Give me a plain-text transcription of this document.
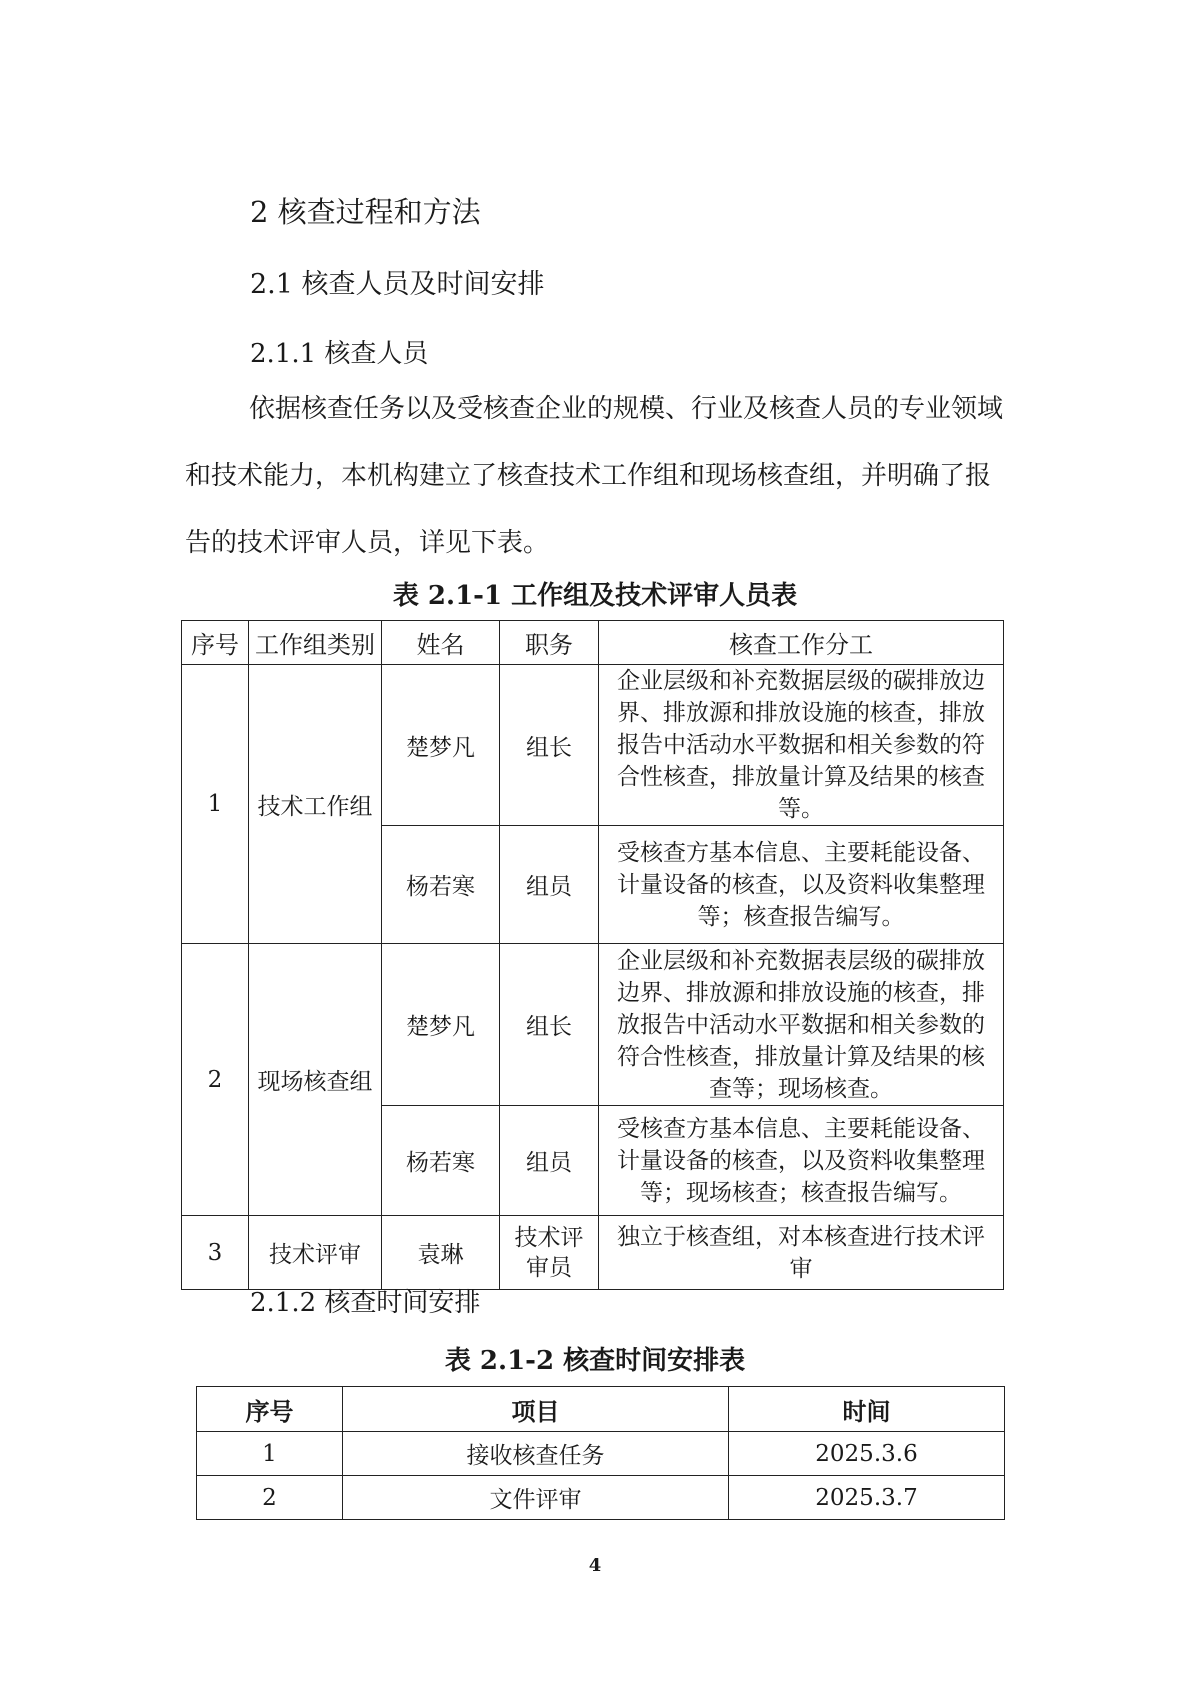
2 核查过程和方法
2.1 核查人员及时间安排
2.1.1 核查人员

依据核查任务以及受核查企业的规模、行业及核查人员的专业领域和技术能力，本机构建立了核查技术工作组和现场核查组，并明确了报告的技术评审人员，详见下表。

表 2.1-1 工作组及技术评审人员表
序号	工作组类别	姓名	职务	核查工作分工
1	技术工作组	楚梦凡	组长	企业层级和补充数据层级的碳排放边界、排放源和排放设施的核查，排放报告中活动水平数据和相关参数的符合性核查，排放量计算及结果的核查等。
		杨若寒	组员	受核查方基本信息、主要耗能设备、计量设备的核查，以及资料收集整理等；核查报告编写。
2	现场核查组	楚梦凡	组长	企业层级和补充数据表层级的碳排放边界、排放源和排放设施的核查，排放报告中活动水平数据和相关参数的符合性核查，排放量计算及结果的核查等；现场核查。
		杨若寒	组员	受核查方基本信息、主要耗能设备、计量设备的核查，以及资料收集整理等；现场核查；核查报告编写。
3	技术评审	袁琳	技术评审员	独立于核查组，对本核查进行技术评审
2.1.2 核查时间安排
表 2.1-2 核查时间安排表
序号	项目	时间
1	接收核查任务	2025.3.6
2	文件评审	2025.3.7
4
